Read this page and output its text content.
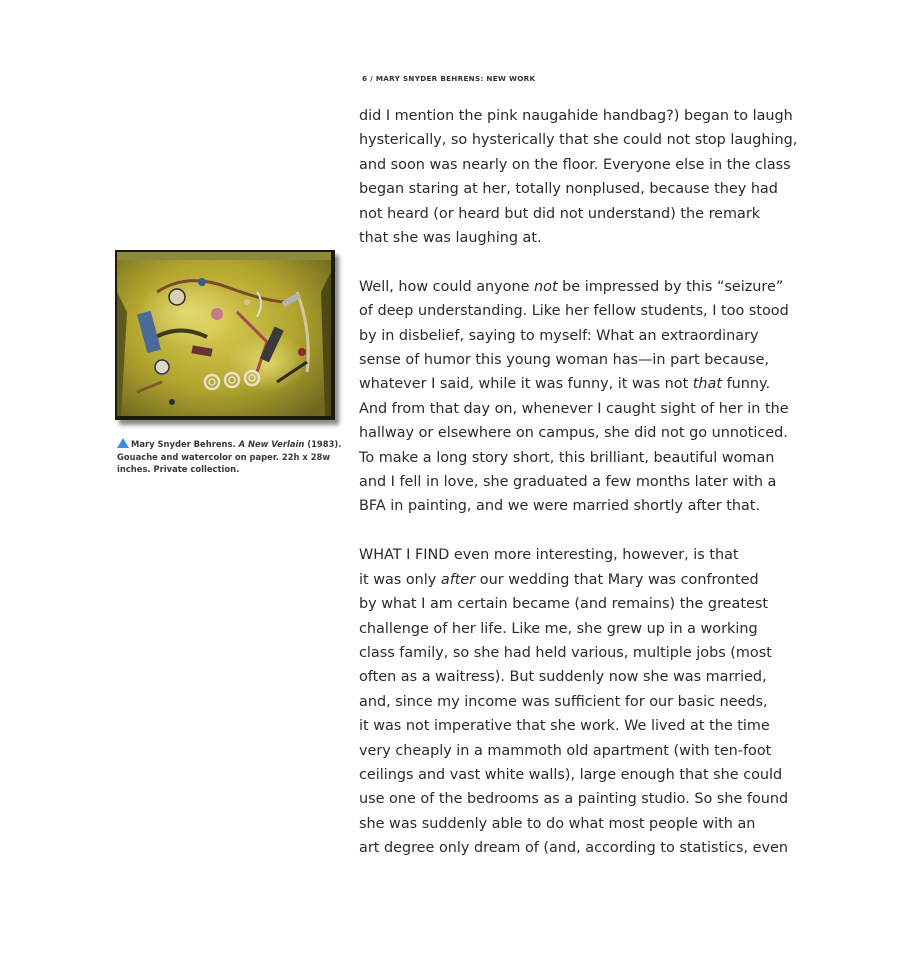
6 / MARY SNYDER BEHRENS: NEW WORK
Mary Snyder Behrens. A New Verlain (1983).
Gouache and watercolor on paper. 22h x 28w
inches. Private collection.

did I mention the pink naugahide handbag?) began to laugh
hysterically, so hysterically that she could not stop laughing,
and soon was nearly on the floor. Everyone else in the class
began staring at her, totally nonplused, because they had
not heard (or heard but did not understand) the remark
that she was laughing at.

Well, how could anyone not be impressed by this “seizure”
of deep understanding. Like her fellow students, I too stood
by in disbelief, saying to myself: What an extraordinary
sense of humor this young woman has—in part because,
whatever I said, while it was funny, it was not that funny.
And from that day on, whenever I caught sight of her in the
hallway or elsewhere on campus, she did not go unnoticed.
To make a long story short, this brilliant, beautiful woman
and I fell in love, she graduated a few months later with a
BFA in painting, and we were married shortly after that.

WHAT I FIND even more interesting, however, is that
it was only after our wedding that Mary was confronted
by what I am certain became (and remains) the greatest
challenge of her life. Like me, she grew up in a working
class family, so she had held various, multiple jobs (most
often as a waitress). But suddenly now she was married,
and, since my income was sufficient for our basic needs,
it was not imperative that she work. We lived at the time
very cheaply in a mammoth old apartment (with ten-foot
ceilings and vast white walls), large enough that she could
use one of the bedrooms as a painting studio. So she found
she was suddenly able to do what most people with an
art degree only dream of (and, according to statistics, even
